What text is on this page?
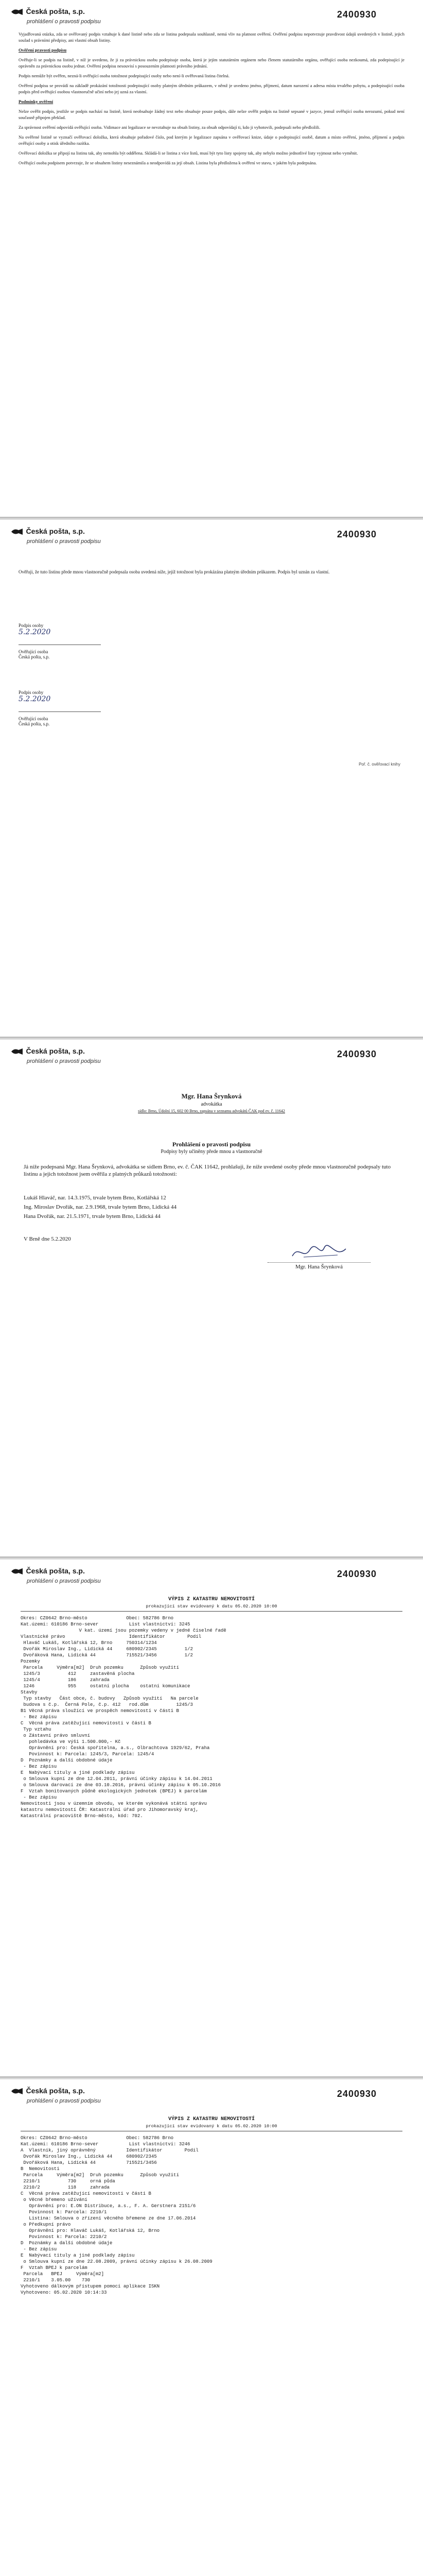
Česká pošta, s.p.
prohlášení o pravosti podpisu
2400930

Vyjadřovaná otázka, zda se ověřovaný podpis vztahuje k dané listině nebo zda se listina podepsala souhlasně, nemá vliv na platnost ověření. Ověření podpisu nepotvrzuje pravdivost údajů uvedených v listině, jejich soulad s právními předpisy, ani vlastní obsah listiny.

Ověření pravosti podpisu

Ověřuje-li se podpis na listině, v níž je uvedeno, že ji za právnickou osobu podepisuje osoba, která je jejím statutárním orgánem nebo členem statutárního orgánu, ověřující osoba nezkoumá, zda podepisující je oprávněn za právnickou osobu jednat. Ověření podpisu nesouvisí s posouzením platnosti právního jednání.

Podpis nemůže být ověřen, nezná-li ověřující osoba totožnost podepisující osoby nebo není-li ověřovaná listina čitelná.

Ověření podpisu se provádí na základě prokázání totožnosti podepisující osoby platným úředním průkazem, v němž je uvedeno jméno, příjmení, datum narození a adresa místa trvalého pobytu, a podepisující osoba podpis před ověřující osobou vlastnoručně učiní nebo jej uzná za vlastní.

Podmínky ověření

Nelze ověřit podpis, jestliže se podpis nachází na listině, která neobsahuje žádný text nebo obsahuje pouze podpis, dále nelze ověřit podpis na listině sepsané v jazyce, jemuž ověřující osoba nerozumí, pokud není současně připojen překlad.

Za správnost ověření odpovídá ověřující osoba. Vidimace ani legalizace se nevztahuje na obsah listiny, za obsah odpovídají ti, kdo ji vyhotovili, podepsali nebo předložili.

Na ověřené listině se vyznačí ověřovací doložka, která obsahuje pořadové číslo, pod kterým je legalizace zapsána v ověřovací knize, údaje o podepisující osobě, datum a místo ověření, jméno, příjmení a podpis ověřující osoby a otisk úředního razítka.

Ověřovací doložka se připojí na listinu tak, aby nemohla být oddělena. Skládá-li se listina z více listů, musí být tyto listy spojeny tak, aby nebylo možno jednotlivé listy vyjmout nebo vyměnit.

Ověřující osoba podpisem potvrzuje, že se obsahem listiny neseznámila a neodpovídá za její obsah. Listina byla předložena k ověření ve stavu, v jakém byla podepsána.

Česká pošta, s.p.
prohlášení o pravosti podpisu
2400930
Ověřuji, že tuto listinu přede mnou vlastnoručně podepsala osoba uvedená níže, jejíž totožnost byla prokázána platným úředním průkazem. Podpis byl uznán za vlastní.
Podpis osoby
5.2.2020
Ověřující osoba
Česká pošta, s.p.
Podpis osoby
5.2.2020
Ověřující osoba
Česká pošta, s.p.
Poř. č. ověřovací knihy
Česká pošta, s.p.
prohlášení o pravosti podpisu
2400930
Mgr. Hana Šrynková
advokátka
sídlo: Brno, Údolní 15, 602 00 Brno, zapsána v seznamu advokátů ČAK pod ev. č. 11642
Prohlášení o pravosti podpisu
Podpisy byly učiněny přede mnou a vlastnoručně
Já níže podepsaná Mgr. Hana Šrynková, advokátka se sídlem Brno, ev. č. ČAK 11642, prohlašuji, že níže uvedené osoby přede mnou vlastnoručně podepsaly tuto listinu a jejich totožnost jsem ověřila z platných průkazů totožnosti:
Lukáš Hlaváč, nar. 14.3.1975, trvale bytem Brno, Kotlářská 12
Ing. Miroslav Dvořák, nar. 2.9.1968, trvale bytem Brno, Lidická 44
Hana Dvořák, nar. 21.5.1971, trvale bytem Brno, Lidická 44
V Brně dne 5.2.2020
Mgr. Hana Šrynková
Česká pošta, s.p.
prohlášení o pravosti podpisu
2400930
VÝPIS Z KATASTRU NEMOVITOSTÍ
prokazující stav evidovaný k datu 05.02.2020 10:00
Okres: CZ0642 Brno-město              Obec: 582786 Brno
Kat.území: 610186 Brno-sever           List vlastnictví: 3245
V kat. území jsou pozemky vedeny v jedné číselné řadě
Vlastnické právo                       Identifikátor        Podíl
Hlaváč Lukáš, Kotlářská 12, Brno     750314/1234
Dvořák Miroslav Ing., Lidická 44     680902/2345          1/2
Dvořáková Hana, Lidická 44           715521/3456          1/2
Pozemky
Parcela     Výměra[m2]  Druh pozemku      Způsob využití
1245/3          412     zastavěná plocha
1245/4          186     zahrada
1246            955     ostatní plocha    ostatní komunikace
Stavby
Typ stavby   Část obce, č. budovy   Způsob využití   Na parcele
budova s č.p.  Černá Pole, č.p. 412   rod.dům          1245/3
B1 Věcná práva sloužící ve prospěch nemovitostí v části B
- Bez zápisu
C  Věcná práva zatěžující nemovitosti v části B
Typ vztahu
o Zástavní právo smluvní
pohledávka ve výši 1.500.000,- Kč
Oprávnění pro: Česká spořitelna, a.s., Olbrachtova 1929/62, Praha
Povinnost k: Parcela: 1245/3, Parcela: 1245/4
D  Poznámky a další obdobné údaje
- Bez zápisu
E  Nabývací tituly a jiné podklady zápisu
o Smlouva kupní ze dne 12.04.2011, právní účinky zápisu k 14.04.2011
o Smlouva darovací ze dne 03.10.2016, právní účinky zápisu k 05.10.2016
F  Vztah bonitovaných půdně ekologických jednotek (BPEJ) k parcelám
- Bez zápisu
Nemovitosti jsou v územním obvodu, ve kterém vykonává státní správu
katastru nemovitostí ČR: Katastrální úřad pro Jihomoravský kraj,
Katastrální pracoviště Brno-město, kód: 702.
Česká pošta, s.p.
prohlášení o pravosti podpisu
2400930
VÝPIS Z KATASTRU NEMOVITOSTÍ
prokazující stav evidovaný k datu 05.02.2020 10:00
Okres: CZ0642 Brno-město              Obec: 582786 Brno
Kat.území: 610186 Brno-sever           List vlastnictví: 3246
A  Vlastník, jiný oprávněný           Identifikátor        Podíl
Dvořák Miroslav Ing., Lidická 44     680902/2345
Dvořáková Hana, Lidická 44           715521/3456
B  Nemovitosti
Parcela     Výměra[m2]  Druh pozemku      Způsob využití
2210/1          730     orná půda
2210/2          118     zahrada
C  Věcná práva zatěžující nemovitosti v části B
o Věcné břemeno užívání
Oprávnění pro: E.ON Distribuce, a.s., F. A. Gerstnera 2151/6
Povinnost k: Parcela: 2210/1
Listina: Smlouva o zřízení věcného břemene ze dne 17.06.2014
o Předkupní právo
Oprávnění pro: Hlaváč Lukáš, Kotlářská 12, Brno
Povinnost k: Parcela: 2210/2
D  Poznámky a další obdobné údaje
- Bez zápisu
E  Nabývací tituly a jiné podklady zápisu
o Smlouva kupní ze dne 22.08.2009, právní účinky zápisu k 26.08.2009
F  Vztah BPEJ k parcelám
Parcela   BPEJ     Výměra[m2]
2210/1    3.05.00    730
Vyhotoveno dálkovým přístupem pomocí aplikace ISKN
Vyhotoveno: 05.02.2020 10:14:33
